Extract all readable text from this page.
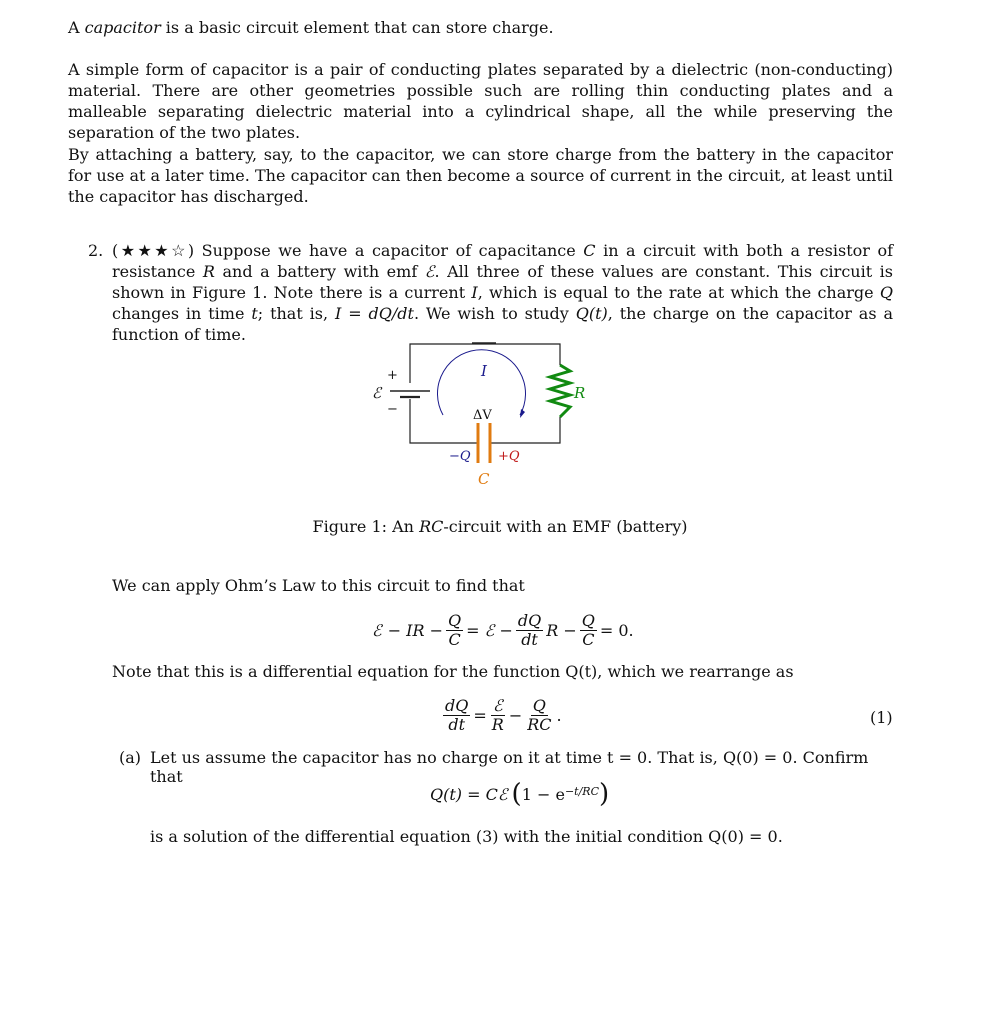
A capacitor is a basic circuit element that can store charge.

A simple form of capacitor is a pair of conducting plates separated by a dielectric (non-conducting) material. There are other geometries possible such are rolling thin conducting plates and a malleable separating dielectric material into a cylindrical shape, all the while preserving the separation of the two plates.

By attaching a battery, say, to the capacitor, we can store charge from the battery in the capacitor for use at a later time. The capacitor can then become a source of current in the circuit, at least until the capacitor has discharged.

2. (★★★☆) Suppose we have a capacitor of capacitance C in a circuit with both a resistor of resistance R and a battery with emf ℰ. All three of these values are constant. This circuit is shown in Figure 1. Note there is a current I, which is equal to the rate at which the charge Q changes in time t; that is, I = dQ/dt. We wish to study Q(t), the charge on the capacitor as a function of time.

+
−
ℰ
I
R
ΔV
−Q +Q
C
Figure 1: An RC-circuit with an EMF (battery)
We can apply Ohm’s Law to this circuit to find that
ℰ − IR − $\frac{Q}{C}$ = ℰ − $\frac{dQ}{dt}$ $R - \frac{Q}{C} = 0$.
Note that this is a differential equation for the function Q(t), which we rearrange as
$\frac{dQ}{dt} = \frac{\text{ℰ}}{R} - \frac{Q}{RC}$ .	(1)
(a) Let us assume the capacitor has no charge on it at time t = 0. That is, Q(0) = 0. Confirm that
Q(t) = Cℰ ( 1 − e $^{-t/RC}$ )
is a solution of the differential equation (3) with the initial condition Q(0) = 0.
